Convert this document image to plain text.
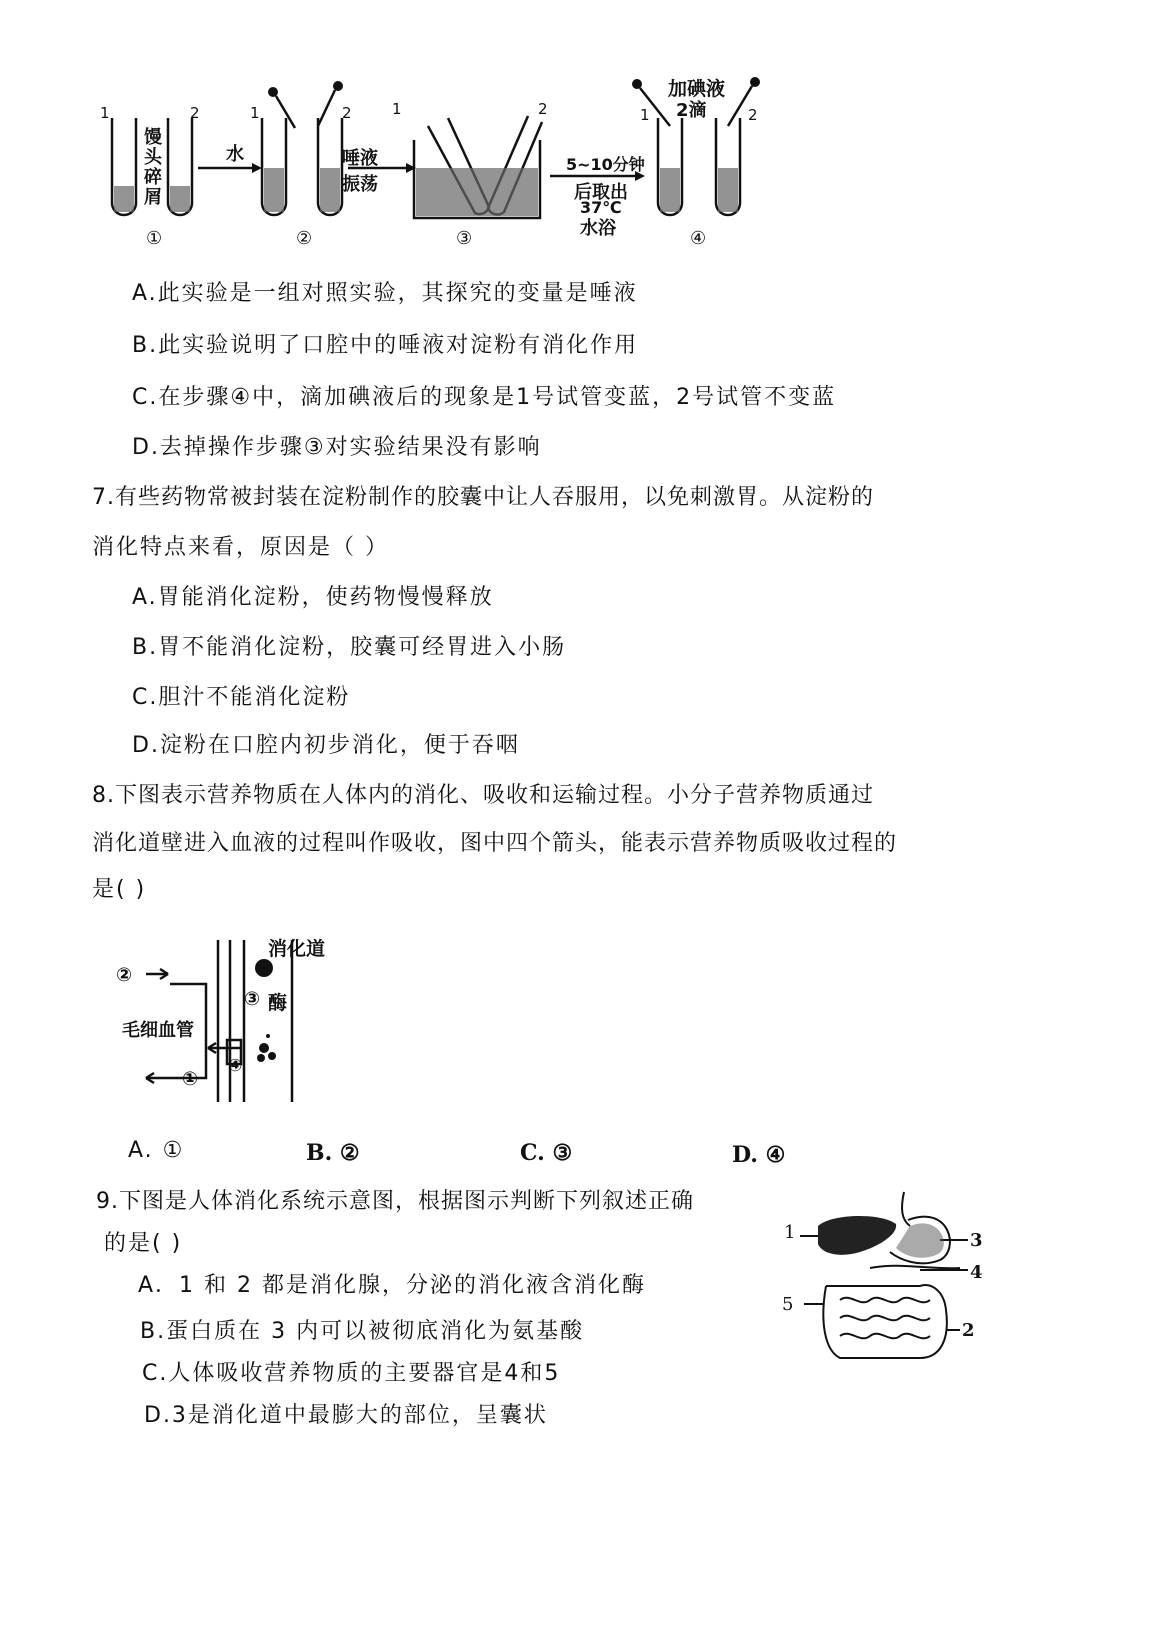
1	2
馒头碎屑
1	2
水	唾液
振荡
1	2
5~10分钟
后取出
37℃
水浴
加碘液
2滴
1	2
①	②	③	④
A.此实验是一组对照实验，其探究的变量是唾液
B.此实验说明了口腔中的唾液对淀粉有消化作用
C.在步骤④中，滴加碘液后的现象是1号试管变蓝，2号试管不变蓝
D.去掉操作步骤③对实验结果没有影响
7.有些药物常被封装在淀粉制作的胶囊中让人吞服用，以免刺激胃。从淀粉的
消化特点来看，原因是（ ）
A.胃能消化淀粉，使药物慢慢释放
B.胃不能消化淀粉，胶囊可经胃进入小肠
C.胆汁不能消化淀粉
D.淀粉在口腔内初步消化，便于吞咽
8.下图表示营养物质在人体内的消化、吸收和运输过程。小分子营养物质通过
消化道壁进入血液的过程叫作吸收，图中四个箭头，能表示营养物质吸收过程的
是( )
消化道
②
③ 酶
毛细血管
④
①
A. ①	B. ②	C. ③	D. ④
9.下图是人体消化系统示意图，根据图示判断下列叙述正确
的是( )
A．1 和 2 都是消化腺，分泌的消化液含消化酶
B.蛋白质在 3 内可以被彻底消化为氨基酸
C.人体吸收营养物质的主要器官是4和5
D.3是消化道中最膨大的部位，呈囊状
1	3
4
5
2
